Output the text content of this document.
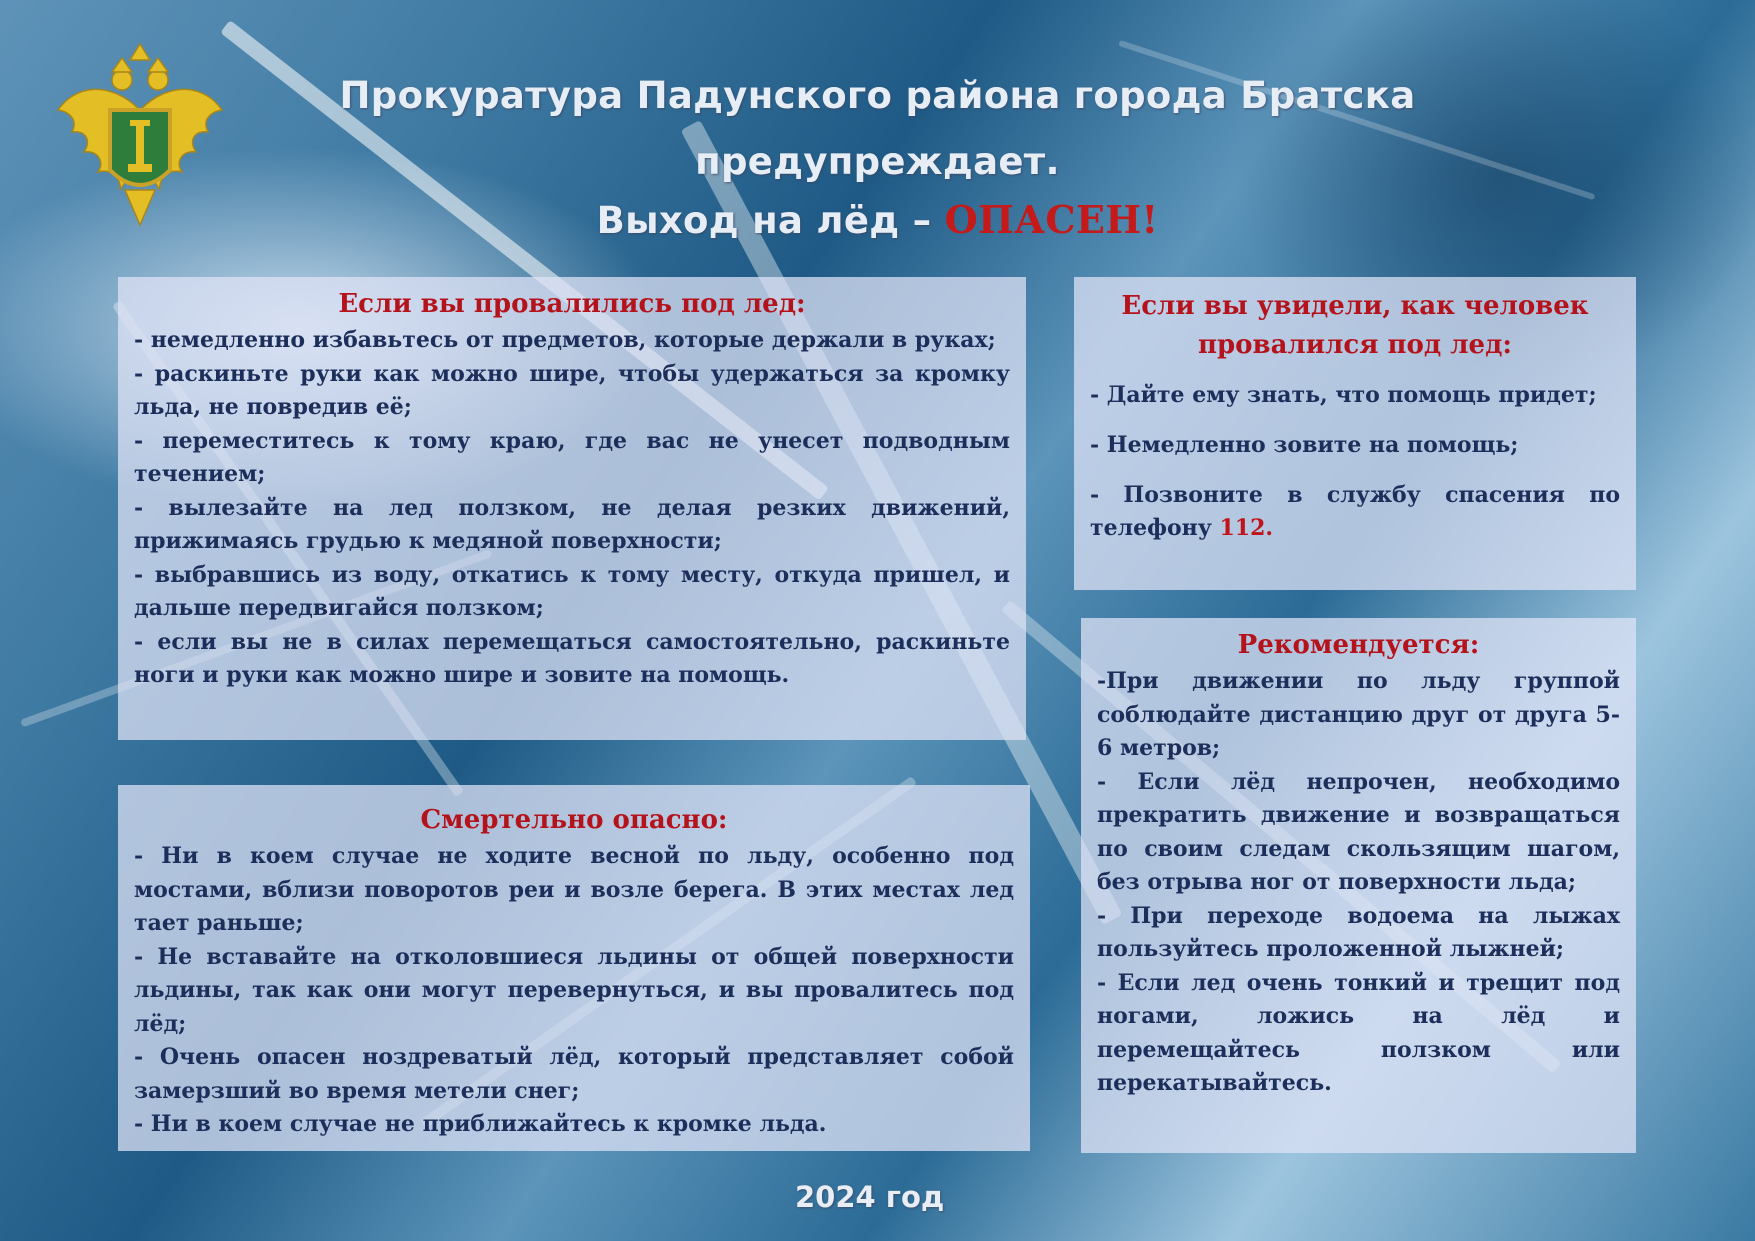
Прокуратура Падунского района города Братска
предупреждает.
Выход на лёд – ОПАСЕН!
Если вы провалились под лед:

- немедленно избавьтесь от предметов, которые держали в руках;

- раскиньте руки как можно шире, чтобы удержаться за кромку льда, не повредив её;

- переместитесь к тому краю, где вас не унесет подводным течением;

- вылезайте на лед ползком, не делая резких движений, прижимаясь грудью к медяной поверхности;

- выбравшись из воду, откатись к тому месту, откуда пришел, и дальше передвигайся ползком;

- если вы не в силах перемещаться самостоятельно, раскиньте ноги и руки как можно шире и зовите на помощь.

Если вы увидели, как человек провалился под лед:

- Дайте ему знать, что помощь придет;

- Немедленно зовите на помощь;

- Позвоните в службу спасения по телефону 112.

Смертельно опасно:

- Ни в коем случае не ходите весной по льду, особенно под мостами, вблизи поворотов реи и возле берега. В этих местах лед тает раньше;

- Не вставайте на отколовшиеся льдины от общей поверхности льдины, так как они могут перевернуться, и вы провалитесь под лёд;

- Очень опасен ноздреватый лёд, который представляет собой замерзший во время метели снег;

- Ни в коем случае не приближайтесь к кромке льда.

Рекомендуется:

-При движении по льду группой соблюдайте дистанцию друг от друга 5-6 метров;

- Если лёд непрочен, необходимо прекратить движение и возвращаться по своим следам скользящим шагом, без отрыва ног от поверхности льда;

- При переходе водоема на лыжах пользуйтесь проложенной лыжней;

- Если лед очень тонкий и трещит под ногами, ложись на лёд и перемещайтесь ползком или перекатывайтесь.

2024 год
